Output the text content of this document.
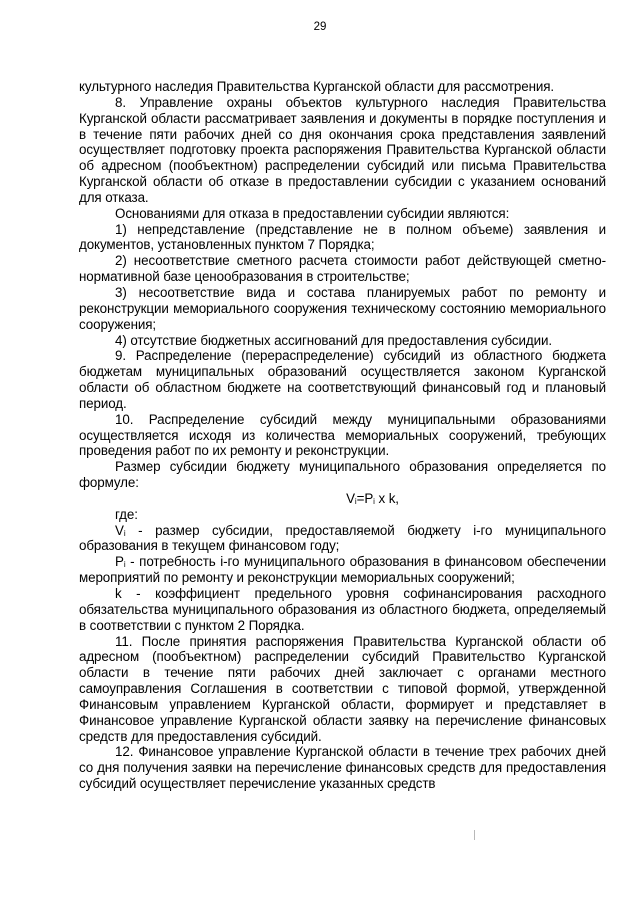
29

культурного наследия Правительства Курганской области для рассмотрения.

8. Управление охраны объектов культурного наследия Правительства Курганской области рассматривает заявления и документы в порядке поступления и в течение пяти рабочих дней со дня окончания срока представления заявлений осуществляет подготовку проекта распоряжения Правительства Курганской области об адресном (пообъектном) распределении субсидий или письма Правительства Курганской области об отказе в предоставлении субсидии с указанием оснований для отказа.

Основаниями для отказа в предоставлении субсидии являются:

1) непредставление (представление не в полном объеме) заявления и документов, установленных пунктом 7 Порядка;

2) несоответствие сметного расчета стоимости работ действующей сметно-нормативной базе ценообразования в строительстве;

3) несоответствие вида и состава планируемых работ по ремонту и реконструкции мемориального сооружения техническому состоянию мемориального сооружения;

4) отсутствие бюджетных ассигнований для предоставления субсидии.

9. Распределение (перераспределение) субсидий из областного бюджета бюджетам муниципальных образований осуществляется законом Курганской области об областном бюджете на соответствующий финансовый год и плановый период.

10. Распределение субсидий между муниципальными образованиями осуществляется исходя из количества мемориальных сооружений, требующих проведения работ по их ремонту и реконструкции.

Размер субсидии бюджету муниципального образования определяется по формуле:

$V_i=P_i$ x k,

где:

$V_i$ - размер субсидии, предоставляемой бюджету i-го муниципального образования в текущем финансовом году;

$P_i$ - потребность i-го муниципального образования в финансовом обеспечении мероприятий по ремонту и реконструкции мемориальных сооружений;

k - коэффициент предельного уровня софинансирования расходного обязательства муниципального образования из областного бюджета, определяемый в соответствии с пунктом 2 Порядка.

11. После принятия распоряжения Правительства Курганской области об адресном (пообъектном) распределении субсидий Правительство Курганской области в течение пяти рабочих дней заключает с органами местного самоуправления Соглашения в соответствии с типовой формой, утвержденной Финансовым управлением Курганской области, формирует и представляет в Финансовое управление Курганской области заявку на перечисление финансовых средств для предоставления субсидий.

12. Финансовое управление Курганской области в течение трех рабочих дней со дня получения заявки на перечисление финансовых средств для предоставления субсидий осуществляет перечисление указанных средств
